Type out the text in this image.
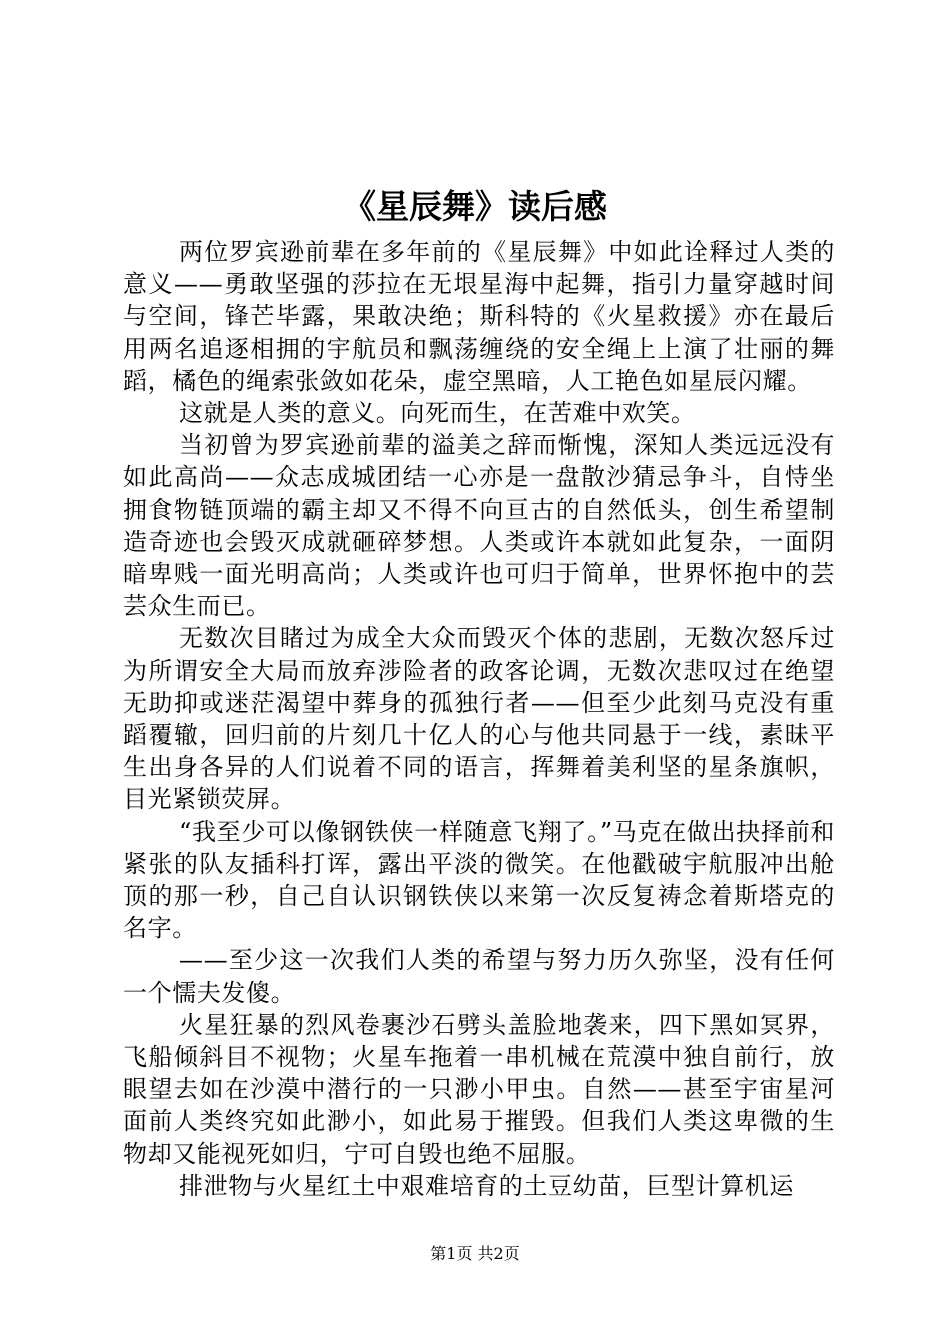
《星辰舞》读后感

两位罗宾逊前辈在多年前的《星辰舞》中如此诠释过人类的意义——勇敢坚强的莎拉在无垠星海中起舞，指引力量穿越时间与空间，锋芒毕露，果敢决绝；斯科特的《火星救援》亦在最后用两名追逐相拥的宇航员和飘荡缠绕的安全绳上上演了壮丽的舞蹈，橘色的绳索张敛如花朵，虚空黑暗，人工艳色如星辰闪耀。

这就是人类的意义。向死而生，在苦难中欢笑。

当初曾为罗宾逊前辈的溢美之辞而惭愧，深知人类远远没有如此高尚——众志成城团结一心亦是一盘散沙猜忌争斗，自恃坐拥食物链顶端的霸主却又不得不向亘古的自然低头，创生希望制造奇迹也会毁灭成就砸碎梦想。人类或许本就如此复杂，一面阴暗卑贱一面光明高尚；人类或许也可归于简单，世界怀抱中的芸芸众生而已。

无数次目睹过为成全大众而毁灭个体的悲剧，无数次怒斥过为所谓安全大局而放弃涉险者的政客论调，无数次悲叹过在绝望无助抑或迷茫渴望中葬身的孤独行者——但至少此刻马克没有重蹈覆辙，回归前的片刻几十亿人的心与他共同悬于一线，素昧平生出身各异的人们说着不同的语言，挥舞着美利坚的星条旗帜，目光紧锁荧屏。

“我至少可以像钢铁侠一样随意飞翔了。”马克在做出抉择前和紧张的队友插科打诨，露出平淡的微笑。在他戳破宇航服冲出舱顶的那一秒，自己自认识钢铁侠以来第一次反复祷念着斯塔克的名字。

——至少这一次我们人类的希望与努力历久弥坚，没有任何一个懦夫发傻。

火星狂暴的烈风卷裹沙石劈头盖脸地袭来，四下黑如冥界，飞船倾斜目不视物；火星车拖着一串机械在荒漠中独自前行，放眼望去如在沙漠中潜行的一只渺小甲虫。自然——甚至宇宙星河面前人类终究如此渺小，如此易于摧毁。但我们人类这卑微的生物却又能视死如归，宁可自毁也绝不屈服。

排泄物与火星红土中艰难培育的土豆幼苗，巨型计算机运

第1页 共2页
